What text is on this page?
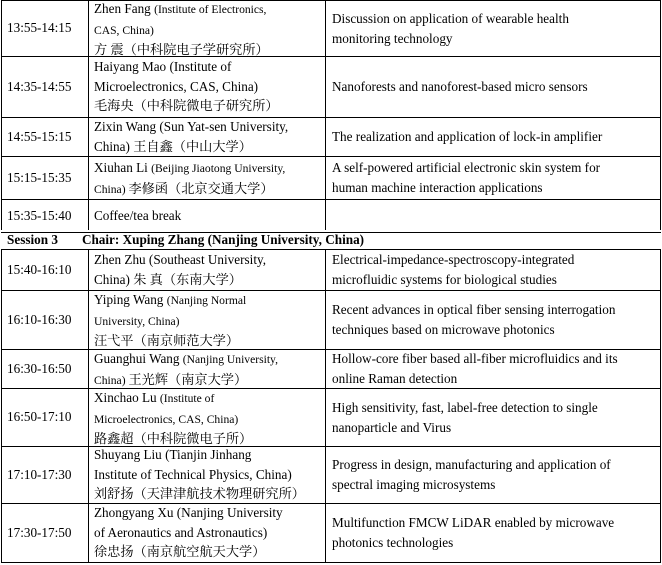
13:55-14:15
Zhen Fang (Institute of Electronics,
CAS, China)
方 震（中科院电子学研究所）
Discussion on application of wearable health
monitoring technology
14:35-14:55
Haiyang Mao (Institute of
Microelectronics, CAS, China)
毛海央（中科院微电子研究所）
Nanoforests and nanoforest-based micro sensors
14:55-15:15
Zixin Wang (Sun Yat-sen University,
China) 王自鑫（中山大学）
The realization and application of lock-in amplifier
15:15-15:35
Xiuhan Li (Beijing Jiaotong University,
China) 李修函（北京交通大学）
A self-powered artificial electronic skin system for
human machine interaction applications
15:35-15:40 Coffee/tea break
Session 3 Chair: Xuping Zhang (Nanjing University, China)
15:40-16:10
Zhen Zhu (Southeast University,
China) 朱 真（东南大学）
Electrical-impedance-spectroscopy-integrated
microfluidic systems for biological studies
16:10-16:30
Yiping Wang (Nanjing Normal
University, China)
汪弋平（南京师范大学）
Recent advances in optical fiber sensing interrogation
techniques based on microwave photonics
16:30-16:50
Guanghui Wang (Nanjing University,
China) 王光辉（南京大学）
Hollow-core fiber based all-fiber microfluidics and its
online Raman detection
16:50-17:10
Xinchao Lu (Institute of
Microelectronics, CAS, China)
路鑫超（中科院微电子所）
High sensitivity, fast, label-free detection to single
nanoparticle and Virus
17:10-17:30
Shuyang Liu (Tianjin Jinhang
Institute of Technical Physics, China)
刘舒扬（天津津航技术物理研究所）
Progress in design, manufacturing and application of
spectral imaging microsystems
17:30-17:50
Zhongyang Xu (Nanjing University
of Aeronautics and Astronautics)
徐忠扬（南京航空航天大学）
Multifunction FMCW LiDAR enabled by microwave
photonics technologies
